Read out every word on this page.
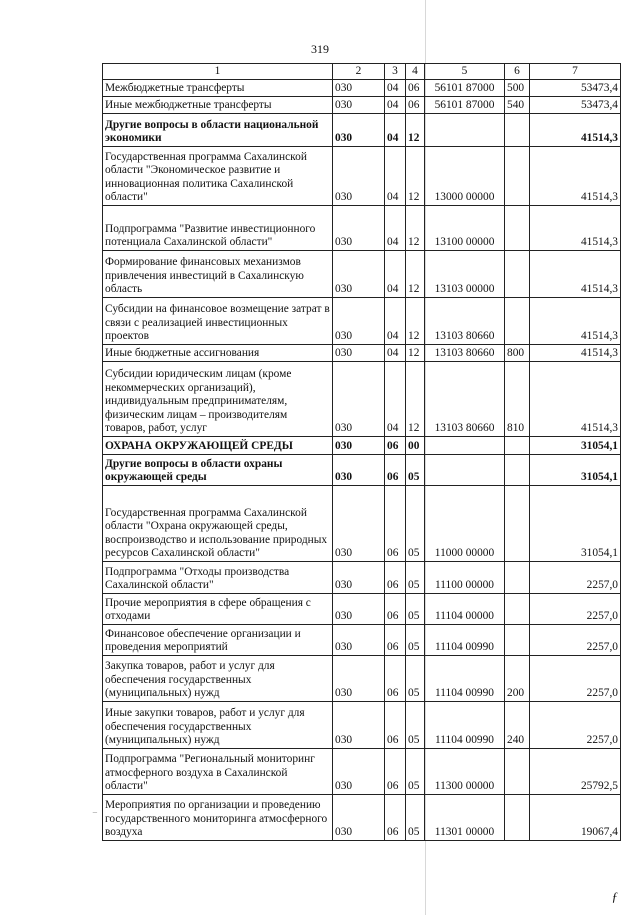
319
1	2	3	4	5	6	7
Межбюджетные трансферты	030	04	06	56101 87000	500	53473,4
Иные межбюджетные трансферты	030	04	06	56101 87000	540	53473,4
Другие вопросы в области национальной экономики	030	04	12			41514,3
Государственная программа Сахалинской области "Экономическое развитие и инновационная политика Сахалинской области"	030	04	12	13000 00000		41514,3
Подпрограмма "Развитие инвестиционного потенциала Сахалинской области"	030	04	12	13100 00000		41514,3
Формирование финансовых механизмов привлечения инвестиций в Сахалинскую область	030	04	12	13103 00000		41514,3
Субсидии на финансовое возмещение затрат в связи с реализацией инвестиционных проектов	030	04	12	13103 80660		41514,3
Иные бюджетные ассигнования	030	04	12	13103 80660	800	41514,3
Субсидии юридическим лицам (кроме некоммерческих организаций), индивидуальным предпринимателям, физическим лицам – производителям товаров, работ, услуг	030	04	12	13103 80660	810	41514,3
ОХРАНА ОКРУЖАЮЩЕЙ СРЕДЫ	030	06	00			31054,1
Другие вопросы в области охраны окружающей среды	030	06	05			31054,1
Государственная программа Сахалинской области "Охрана окружающей среды, воспроизводство и использование природных ресурсов Сахалинской области"	030	06	05	11000 00000		31054,1
Подпрограмма "Отходы производства Сахалинской области"	030	06	05	11100 00000		2257,0
Прочие мероприятия в сфере обращения с отходами	030	06	05	11104 00000		2257,0
Финансовое обеспечение организации и проведения мероприятий	030	06	05	11104 00990		2257,0
Закупка товаров, работ и услуг для обеспечения государственных (муниципальных) нужд	030	06	05	11104 00990	200	2257,0
Иные закупки товаров, работ и услуг для обеспечения государственных (муниципальных) нужд	030	06	05	11104 00990	240	2257,0
Подпрограмма "Региональный мониторинг атмосферного воздуха в Сахалинской области"	030	06	05	11300 00000		25792,5
Мероприятия по организации и проведению государственного мониторинга атмосферного воздуха	030	06	05	11301 00000		19067,4
⁻
ƒ
